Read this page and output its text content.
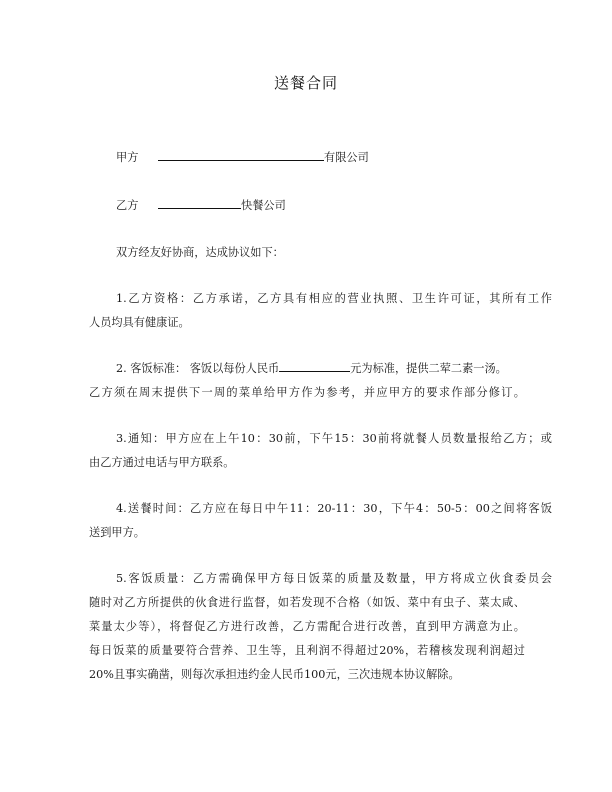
送餐合同
甲方	有限公司
乙方	快餐公司
双方经友好协商，达成协议如下：
1.乙方资格：乙方承诺，乙方具有相应的营业执照、卫生许可证，其所有工作
人员均具有健康证。
2. 客饭标准： 客饭以每份人民币	元为标准，提供二荤二素一汤。
乙方须在周末提供下一周的菜单给甲方作为参考，并应甲方的要求作部分修订。
3.通知：甲方应在上午10：30前，下午15：30前将就餐人员数量报给乙方；或
由乙方通过电话与甲方联系。
4.送餐时间：乙方应在每日中午11：20-11：30，下午4：50-5：00之间将客饭
送到甲方。
5.客饭质量：乙方需确保甲方每日饭菜的质量及数量，甲方将成立伙食委员会
随时对乙方所提供的伙食进行监督，如若发现不合格（如饭、菜中有虫子、菜太咸、
菜量太少等），将督促乙方进行改善，乙方需配合进行改善，直到甲方满意为止。
每日饭菜的质量要符合营养、卫生等，且利润不得超过20%，若稽核发现利润超过
20%且事实确凿，则每次承担违约金人民币100元，三次违规本协议解除。
